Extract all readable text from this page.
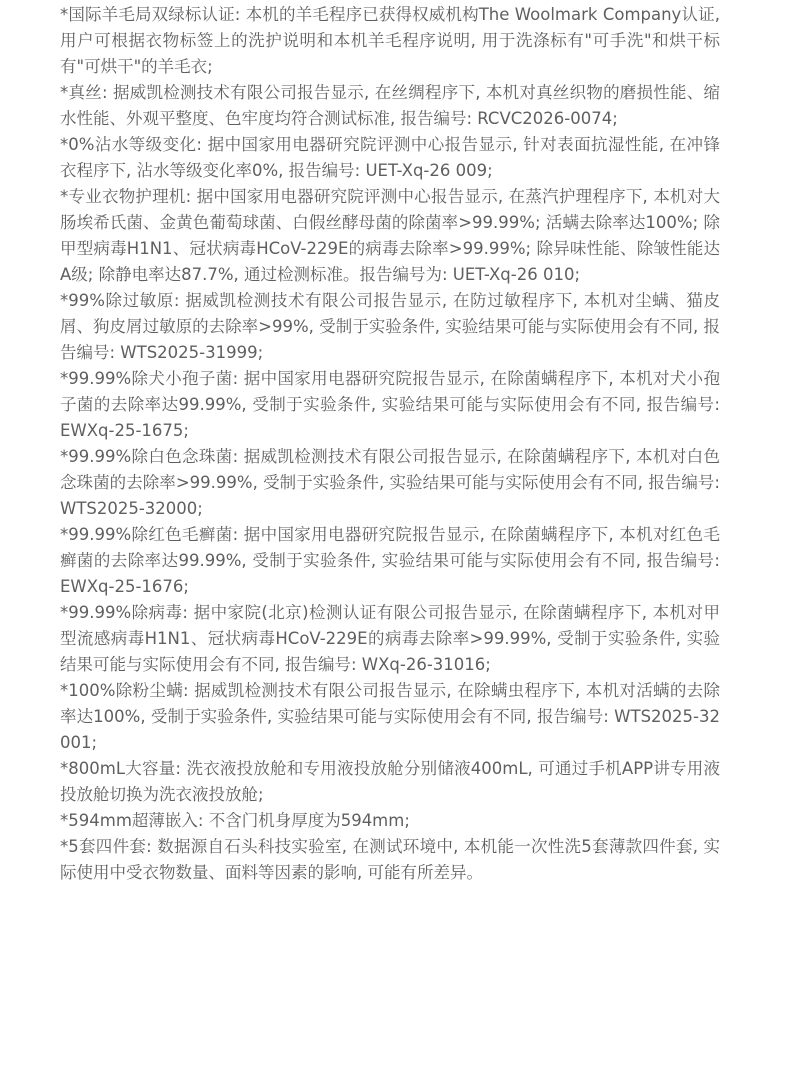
*国际羊毛局双绿标认证: 本机的羊毛程序已获得权威机构The Woolmark Company认证, 用户可根据衣物标签上的洗护说明和本机羊毛程序说明, 用于洗涤标有"可手洗"和烘干标有"可烘干"的羊毛衣;

*真丝: 据威凯检测技术有限公司报告显示, 在丝绸程序下, 本机对真丝织物的磨损性能、缩水性能、外观平整度、色牢度均符合测试标准, 报告编号: RCVC2026-0074;

*0%沾水等级变化: 据中国家用电器研究院评测中心报告显示, 针对表面抗湿性能, 在冲锋衣程序下, 沾水等级变化率0%, 报告编号: UET-Xq-26 009;

*专业衣物护理机: 据中国家用电器研究院评测中心报告显示, 在蒸汽护理程序下, 本机对大肠埃希氏菌、金黄色葡萄球菌、白假丝酵母菌的除菌率>99.99%; 活螨去除率达100%; 除甲型病毒H1N1、冠状病毒HCoV-229E的病毒去除率>99.99%; 除异味性能、除皱性能达A级; 除静电率达87.7%, 通过检测标准。报告编号为: UET-Xq-26 010;

*99%除过敏原: 据威凯检测技术有限公司报告显示, 在防过敏程序下, 本机对尘螨、猫皮屑、狗皮屑过敏原的去除率>99%, 受制于实验条件, 实验结果可能与实际使用会有不同, 报告编号: WTS2025-31999;

*99.99%除犬小孢子菌: 据中国家用电器研究院报告显示, 在除菌螨程序下, 本机对犬小孢子菌的去除率达99.99%, 受制于实验条件, 实验结果可能与实际使用会有不同, 报告编号: EWXq-25-1675;

*99.99%除白色念珠菌: 据威凯检测技术有限公司报告显示, 在除菌螨程序下, 本机对白色念珠菌的去除率>99.99%, 受制于实验条件, 实验结果可能与实际使用会有不同, 报告编号: WTS2025-32000;

*99.99%除红色毛癣菌: 据中国家用电器研究院报告显示, 在除菌螨程序下, 本机对红色毛癣菌的去除率达99.99%, 受制于实验条件, 实验结果可能与实际使用会有不同, 报告编号: EWXq-25-1676;

*99.99%除病毒: 据中家院(北京)检测认证有限公司报告显示, 在除菌螨程序下, 本机对甲型流感病毒H1N1、冠状病毒HCoV-229E的病毒去除率>99.99%, 受制于实验条件, 实验结果可能与实际使用会有不同, 报告编号: WXq-26-31016;

*100%除粉尘螨: 据威凯检测技术有限公司报告显示, 在除螨虫程序下, 本机对活螨的去除率达100%, 受制于实验条件, 实验结果可能与实际使用会有不同, 报告编号: WTS2025-32001;

*800mL大容量: 洗衣液投放舱和专用液投放舱分别储液400mL, 可通过手机APP讲专用液投放舱切换为洗衣液投放舱;

*594mm超薄嵌入: 不含门机身厚度为594mm;

*5套四件套: 数据源自石头科技实验室, 在测试环境中, 本机能一次性洗5套薄款四件套, 实际使用中受衣物数量、面料等因素的影响, 可能有所差异。
